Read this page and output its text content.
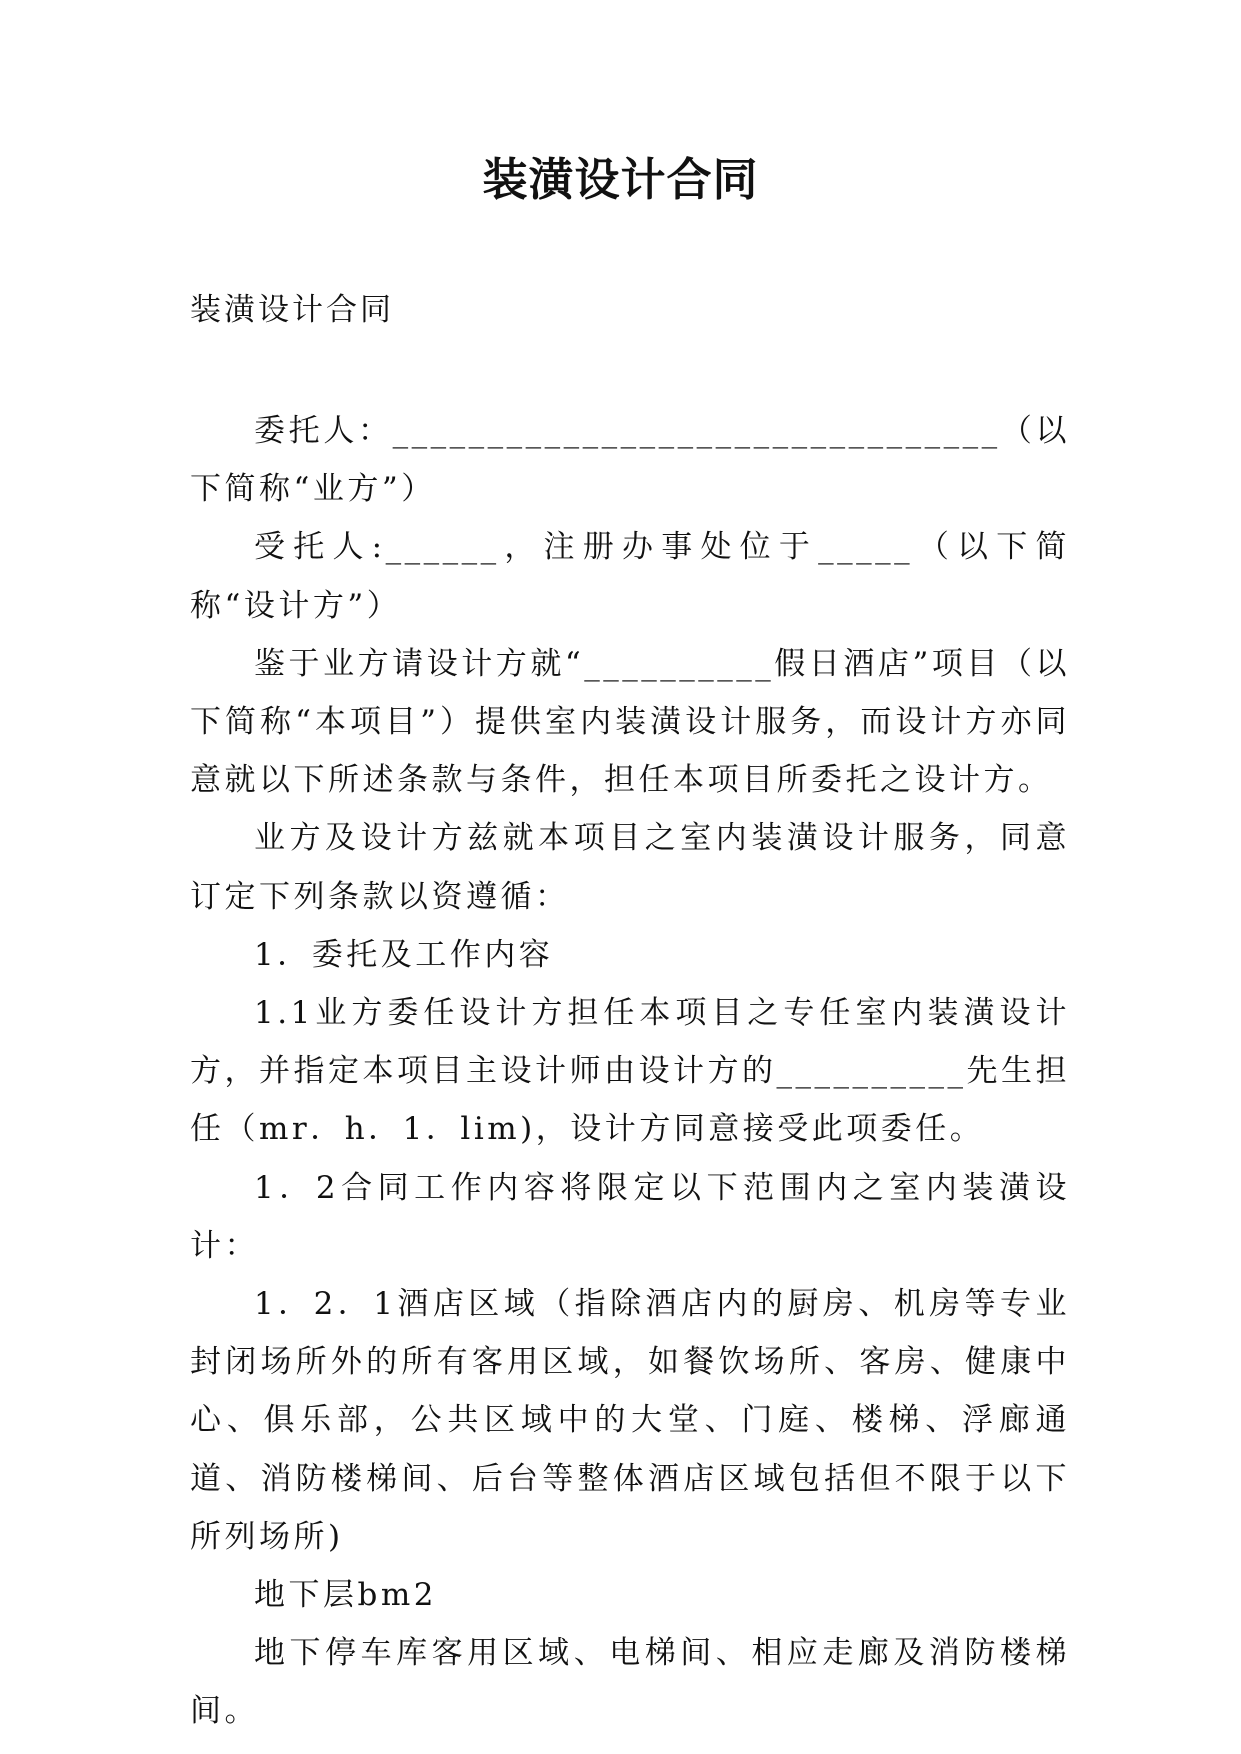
装潢设计合同

装潢设计合同

委托人：________________________________（以下简称“业方”）

受托人:______，注册办事处位于_____（以下简称“设计方”）

鉴于业方请设计方就“__________假日酒店”项目（以下简称“本项目”）提供室内装潢设计服务，而设计方亦同意就以下所述条款与条件，担任本项目所委托之设计方。

业方及设计方兹就本项目之室内装潢设计服务，同意订定下列条款以资遵循：

1．委托及工作内容

1.1业方委任设计方担任本项目之专任室内装潢设计方，并指定本项目主设计师由设计方的__________先生担任（mr．h．1．lim)，设计方同意接受此项委任。

1．2合同工作内容将限定以下范围内之室内装潢设计：

1．2．1酒店区域（指除酒店内的厨房、机房等专业封闭场所外的所有客用区域，如餐饮场所、客房、健康中心、俱乐部，公共区域中的大堂、门庭、楼梯、浮廊通道、消防楼梯间、后台等整体酒店区域包括但不限于以下所列场所)

地下层bm2

地下停车库客用区域、电梯间、相应走廊及消防楼梯间。
